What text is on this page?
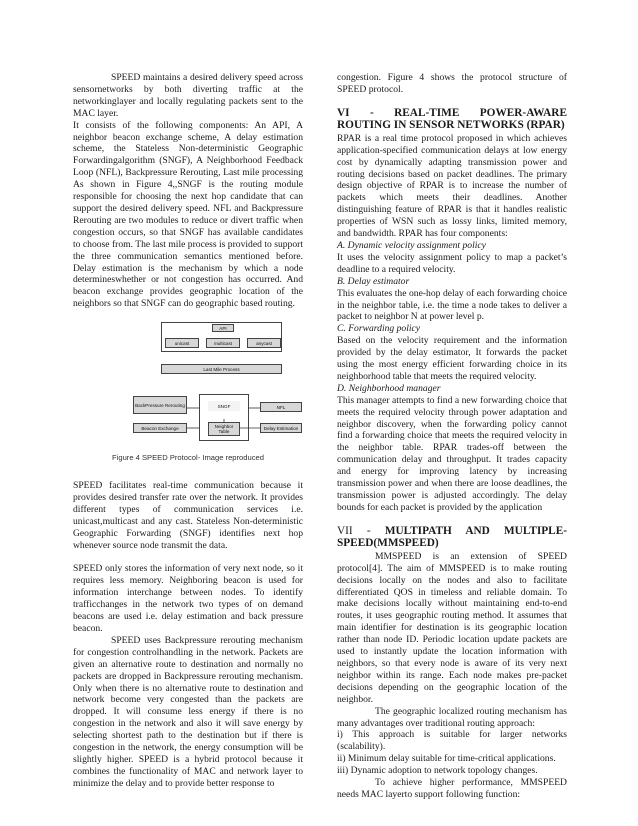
SPEED maintains a desired delivery speed across sensornetworks by both diverting traffic at the networkinglayer and locally regulating packets sent to the MAC layer.

It consists of the following components: An API, A neighbor beacon exchange scheme, A delay estimation scheme, the Stateless Non-deterministic Geographic Forwardingalgorithm (SNGF), A Neighborhood Feedback Loop (NFL), Backpressure Rerouting, Last mile processing As shown in Figure 4,,SNGF is the routing module responsible for choosing the next hop candidate that can support the desired delivery speed. NFL and Backpressure Rerouting are two modules to reduce or divert traffic when congestion occurs, so that SNGF has available candidates to choose from. The last mile process is provided to support the three communication semantics mentioned before. Delay estimation is the mechanism by which a node determineswhether or not congestion has occurred. And beacon exchange provides geographic location of the neighbors so that SNGF can do geographic based routing.

API
unicast	multicast	anycast
Last Mile Process
BackPressure Rerouting	SNGF	NFL
Beacon Exchange	Neighbor Table
Delay Estimation
Figure 4 SPEED Protocol- Image reproduced

SPEED facilitates real-time communication because it provides desired transfer rate over the network. It provides different types of communication services i.e. unicast,multicast and any cast. Stateless Non-deterministic Geographic Forwarding (SNGF) identifies next hop whenever source node transmit the data.

SPEED only stores the information of very next node, so it requires less memory. Neighboring beacon is used for information interchange between nodes. To identify trafficchanges in the network two types of on demand beacons are used i.e. delay estimation and back pressure beacon.

SPEED uses Backpressure rerouting mechanism for congestion controlhandling in the network. Packets are given an alternative route to destination and normally no packets are dropped in Backpressure rerouting mechanism. Only when there is no alternative route to destination and network become very congested than the packets are dropped. It will consume less energy if there is no congestion in the network and also it will save energy by selecting shortest path to the destination but if there is congestion in the network, the energy consumption will be slightly higher. SPEED is a hybrid protocol because it combines the functionality of MAC and network layer to minimize the delay and to provide better response to

congestion. Figure 4 shows the protocol structure of SPEED protocol.

VI - REAL-TIME POWER-AWARE ROUTING IN SENSOR NETWORKS (RPAR)

RPAR is a real time protocol proposed in which achieves application-specified communication delays at low energy cost by dynamically adapting transmission power and routing decisions based on packet deadlines. The primary design objective of RPAR is to increase the number of packets which meets their deadlines. Another distinguishing feature of RPAR is that it handles realistic properties of WSN such as lossy links, limited memory, and bandwidth. RPAR has four components:

A. Dynamic velocity assignment policy

It uses the velocity assignment policy to map a packet’s deadline to a required velocity.

B. Delay estimator

This evaluates the one-hop delay of each forwarding choice in the neighbor table, i.e. the time a node takes to deliver a packet to neighbor N at power level p.

C. Forwarding policy

Based on the velocity requirement and the information provided by the delay estimator, It forwards the packet using the most energy efficient forwarding choice in its neighborhood table that meets the required velocity.

D. Neighborhood manager

This manager attempts to find a new forwarding choice that meets the required velocity through power adaptation and neighbor discovery, when the forwarding policy cannot find a forwarding choice that meets the required velocity in the neighbor table. RPAR trades-off between the communication delay and throughput. It trades capacity and energy for improving latency by increasing transmission power and when there are loose deadlines, the transmission power is adjusted accordingly. The delay bounds for each packet is provided by the application

VII - MULTIPATH AND MULTIPLE-SPEED(MMSPEED)

MMSPEED is an extension of SPEED protocol[4]. The aim of MMSPEED is to make routing decisions locally on the nodes and also to facilitate differentiated QOS in timeless and reliable domain. To make decisions locally without maintaining end-to-end routes, it uses geographic routing method. It assumes that main identifier for destination is its geographic location rather than node ID. Periodic location update packets are used to instantly update the location information with neighbors, so that every node is aware of its very next neighbor within its range. Each node makes pre-packet decisions depending on the geographic location of the neighbor.

The geographic localized routing mechanism has many advantages over traditional routing approach:

i) This approach is suitable for larger networks (scalability).

ii) Minimum delay suitable for time-critical applications.

iii) Dynamic adoption to network topology changes.

To achieve higher performance, MMSPEED needs MAC layerto support following function:
